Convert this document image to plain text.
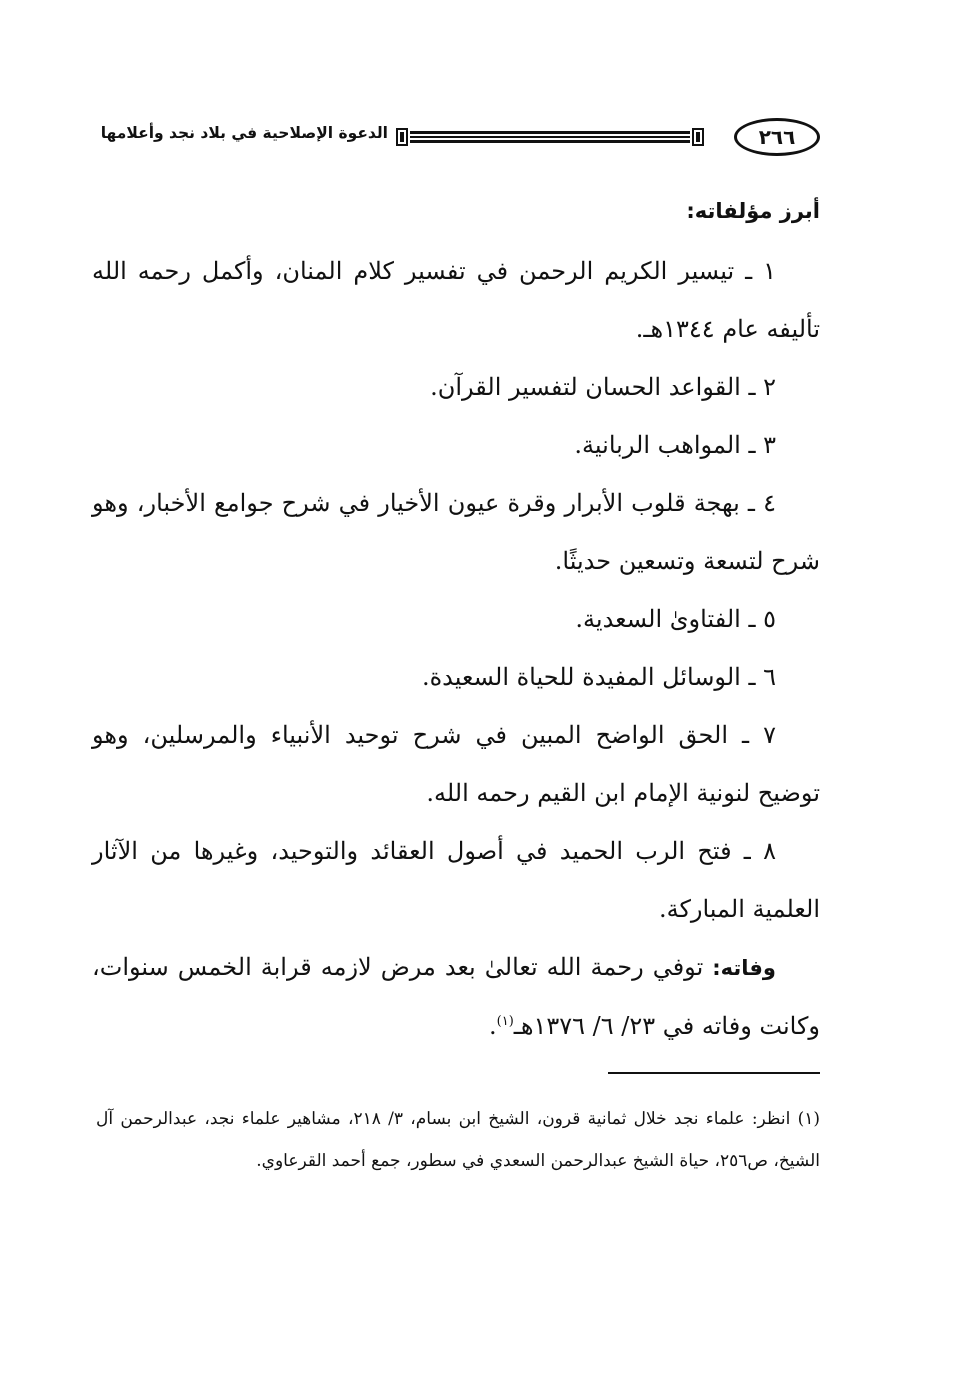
٢٦٦
الدعوة الإصلاحية في بلاد نجد وأعلامها

أبرز مؤلفاته:

١ ـ تيسير الكريم الرحمن في تفسير كلام المنان، وأكمل رحمه الله تأليفه عام ١٣٤٤هـ.

٢ ـ القواعد الحسان لتفسير القرآن.

٣ ـ المواهب الربانية.

٤ ـ بهجة قلوب الأبرار وقرة عيون الأخيار في شرح جوامع الأخبار، وهو شرح لتسعة وتسعين حديثًا.

٥ ـ الفتاوىٰ السعدية.

٦ ـ الوسائل المفيدة للحياة السعيدة.

٧ ـ الحق الواضح المبين في شرح توحيد الأنبياء والمرسلين، وهو توضيح لنونية الإمام ابن القيم رحمه الله.

٨ ـ فتح الرب الحميد في أصول العقائد والتوحيد، وغيرها من الآثار العلمية المباركة.

وفاته: توفي رحمة الله تعالىٰ بعد مرض لازمه قرابة الخمس سنوات، وكانت وفاته في ٢٣/ ٦/ ١٣٧٦هـ$^{(١)}$.

(١) انظر: علماء نجد خلال ثمانية قرون، الشيخ ابن بسام، ٣/ ٢١٨، مشاهير علماء نجد، عبدالرحمن آل الشيخ، ص٢٥٦، حياة الشيخ عبدالرحمن السعدي في سطور، جمع أحمد القرعاوي.
